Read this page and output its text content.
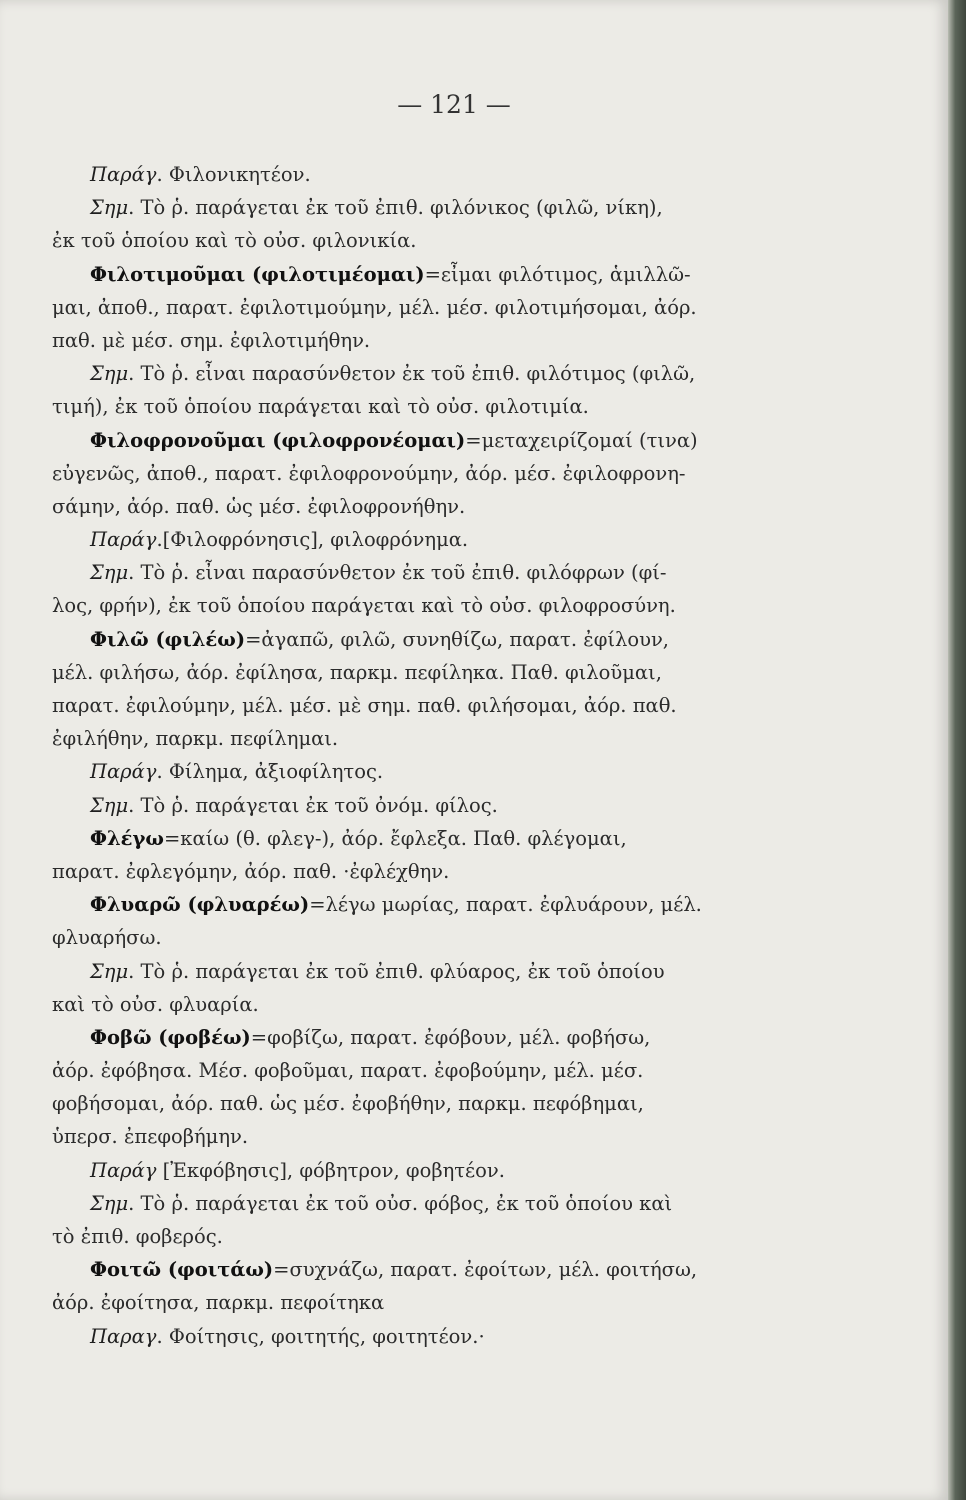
— 121 —
Παράγ. Φιλονικητέον.
Σημ. Τὸ ῥ. παράγεται ἐκ τοῦ ἐπιθ. φιλόνικος (φιλῶ, νίκη),
ἐκ τοῦ ὁποίου καὶ τὸ οὐσ. φιλονικία.
Φιλοτιμοῦμαι (φιλοτιμέομαι)=εἶμαι φιλότιμος, ἁμιλλῶ-
μαι, ἀποθ., παρατ. ἐφιλοτιμούμην, μέλ. μέσ. φιλοτιμήσομαι, ἀόρ.
παθ. μὲ μέσ. σημ. ἐφιλοτιμήθην.
Σημ. Τὸ ῥ. εἶναι παρασύνθετον ἐκ τοῦ ἐπιθ. φιλότιμος (φιλῶ,
τιμή), ἐκ τοῦ ὁποίου παράγεται καὶ τὸ οὐσ. φιλοτιμία.
Φιλοφρονοῦμαι (φιλοφρονέομαι)=μεταχειρίζομαί (τινα)
εὐγενῶς, ἀποθ., παρατ. ἐφιλοφρονούμην, ἀόρ. μέσ. ἐφιλοφρονη-
σάμην, ἀόρ. παθ. ὡς μέσ. ἐφιλοφρονήθην.
Παράγ.[Φιλοφρόνησις], φιλοφρόνημα.
Σημ. Τὸ ῥ. εἶναι παρασύνθετον ἐκ τοῦ ἐπιθ. φιλόφρων (φί-
λος, φρήν), ἐκ τοῦ ὁποίου παράγεται καὶ τὸ οὐσ. φιλοφροσύνη.
Φιλῶ (φιλέω)=ἀγαπῶ, φιλῶ, συνηθίζω, παρατ. ἐφίλουν,
μέλ. φιλήσω, ἀόρ. ἐφίλησα, παρκμ. πεφίληκα. Παθ. φιλοῦμαι,
παρατ. ἐφιλούμην, μέλ. μέσ. μὲ σημ. παθ. φιλήσομαι, ἀόρ. παθ.
ἐφιλήθην, παρκμ. πεφίλημαι.
Παράγ. Φίλημα, ἀξιοφίλητος.
Σημ. Τὸ ῥ. παράγεται ἐκ τοῦ ὀνόμ. φίλος.
Φλέγω=καίω (θ. φλεγ-), ἀόρ. ἔφλεξα. Παθ. φλέγομαι,
παρατ. ἐφλεγόμην, ἀόρ. παθ. ·ἐφλέχθην.
Φλυαρῶ (φλυαρέω)=λέγω μωρίας, παρατ. ἐφλυάρουν, μέλ.
φλυαρήσω.
Σημ. Τὸ ῥ. παράγεται ἐκ τοῦ ἐπιθ. φλύαρος, ἐκ τοῦ ὁποίου
καὶ τὸ οὐσ. φλυαρία.
Φοβῶ (φοβέω)=φοβίζω, παρατ. ἐφόβουν, μέλ. φοβήσω,
ἀόρ. ἐφόβησα. Μέσ. φοβοῦμαι, παρατ. ἐφοβούμην, μέλ. μέσ.
φοβήσομαι, ἀόρ. παθ. ὡς μέσ. ἐφοβήθην, παρκμ. πεφόβημαι,
ὑπερσ. ἐπεφοβήμην.
Παράγ [Ἐκφόβησις], φόβητρον, φοβητέον.
Σημ. Τὸ ῥ. παράγεται ἐκ τοῦ οὐσ. φόβος, ἐκ τοῦ ὁποίου καὶ
τὸ ἐπιθ. φοβερός.
Φοιτῶ (φοιτάω)=συχνάζω, παρατ. ἐφοίτων, μέλ. φοιτήσω,
ἀόρ. ἐφοίτησα, παρκμ. πεφοίτηκα
Παραγ. Φοίτησις, φοιτητής, φοιτητέον.·
